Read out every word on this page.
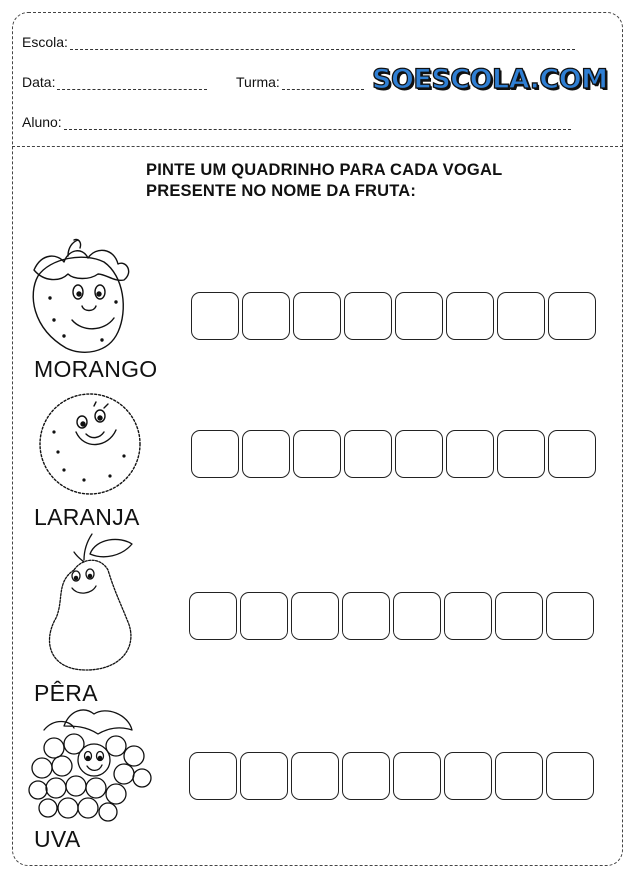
Escola:
Data:	Turma:	SOESCOLA.COM
Aluno:
PINTE UM QUADRINHO PARA CADA VOGAL
PRESENTE NO NOME DA FRUTA:
MORANGO
LARANJA
PÊRA
UVA
